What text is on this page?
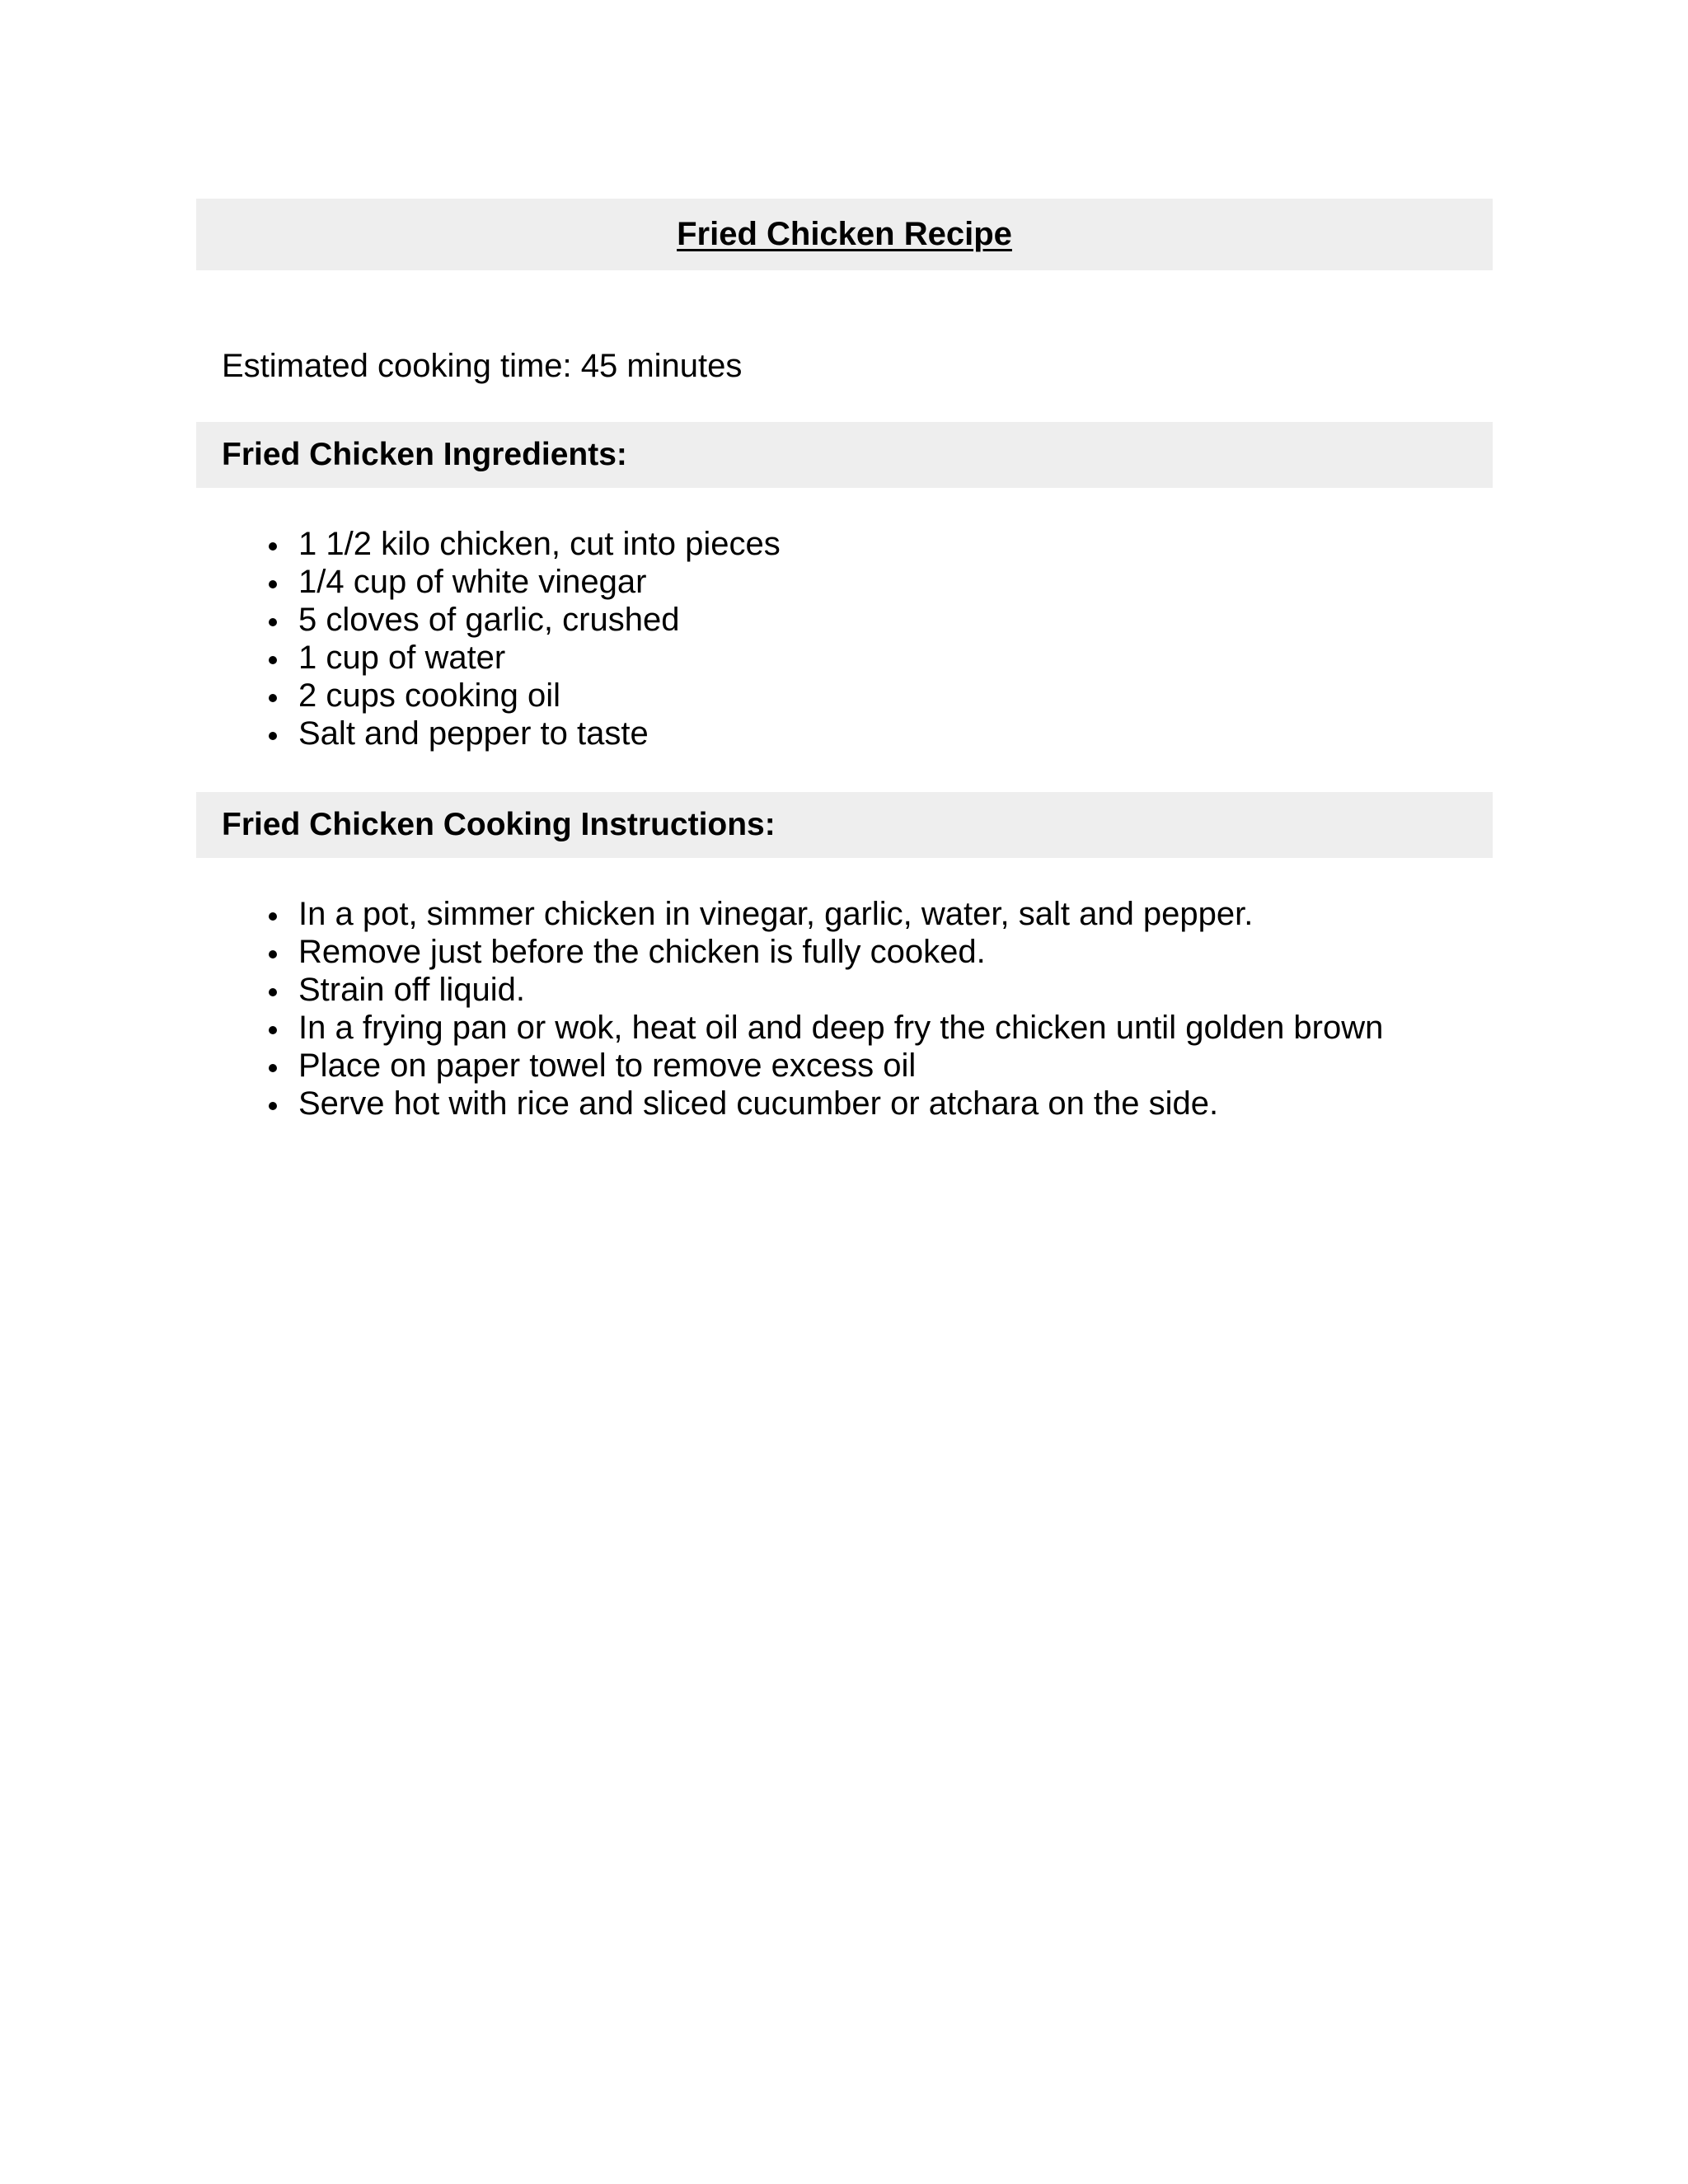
Fried Chicken Recipe
Estimated cooking time: 45 minutes
Fried Chicken Ingredients:
1 1/2 kilo chicken, cut into pieces
1/4 cup of white vinegar
5 cloves of garlic, crushed
1 cup of water
2 cups cooking oil
Salt and pepper to taste
Fried Chicken Cooking Instructions:
In a pot, simmer chicken in vinegar, garlic, water, salt and pepper.
Remove just before the chicken is fully cooked.
Strain off liquid.
In a frying pan or wok, heat oil and deep fry the chicken until golden brown
Place on paper towel to remove excess oil
Serve hot with rice and sliced cucumber or atchara on the side.
